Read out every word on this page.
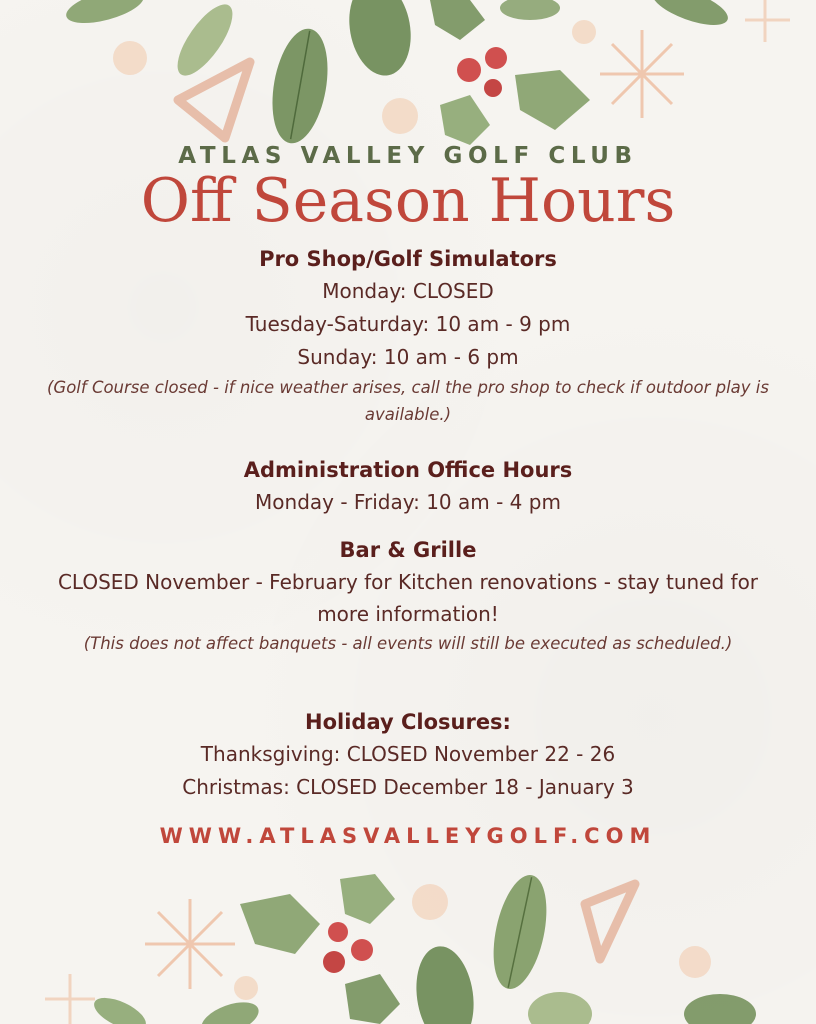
ATLAS VALLEY GOLF CLUB
Off Season Hours
Pro Shop/Golf Simulators
Monday: CLOSED
Tuesday-Saturday: 10 am - 9 pm
Sunday: 10 am - 6 pm
(Golf Course closed - if nice weather arises, call the pro shop to check if outdoor play is available.)
Administration Office Hours
Monday - Friday: 10 am - 4 pm
Bar & Grille
CLOSED November - February for Kitchen renovations - stay tuned for more information!
(This does not affect banquets - all events will still be executed as scheduled.)
Holiday Closures:
Thanksgiving: CLOSED November 22 - 26
Christmas: CLOSED December 18 - January 3
WWW.ATLASVALLEYGOLF.COM
